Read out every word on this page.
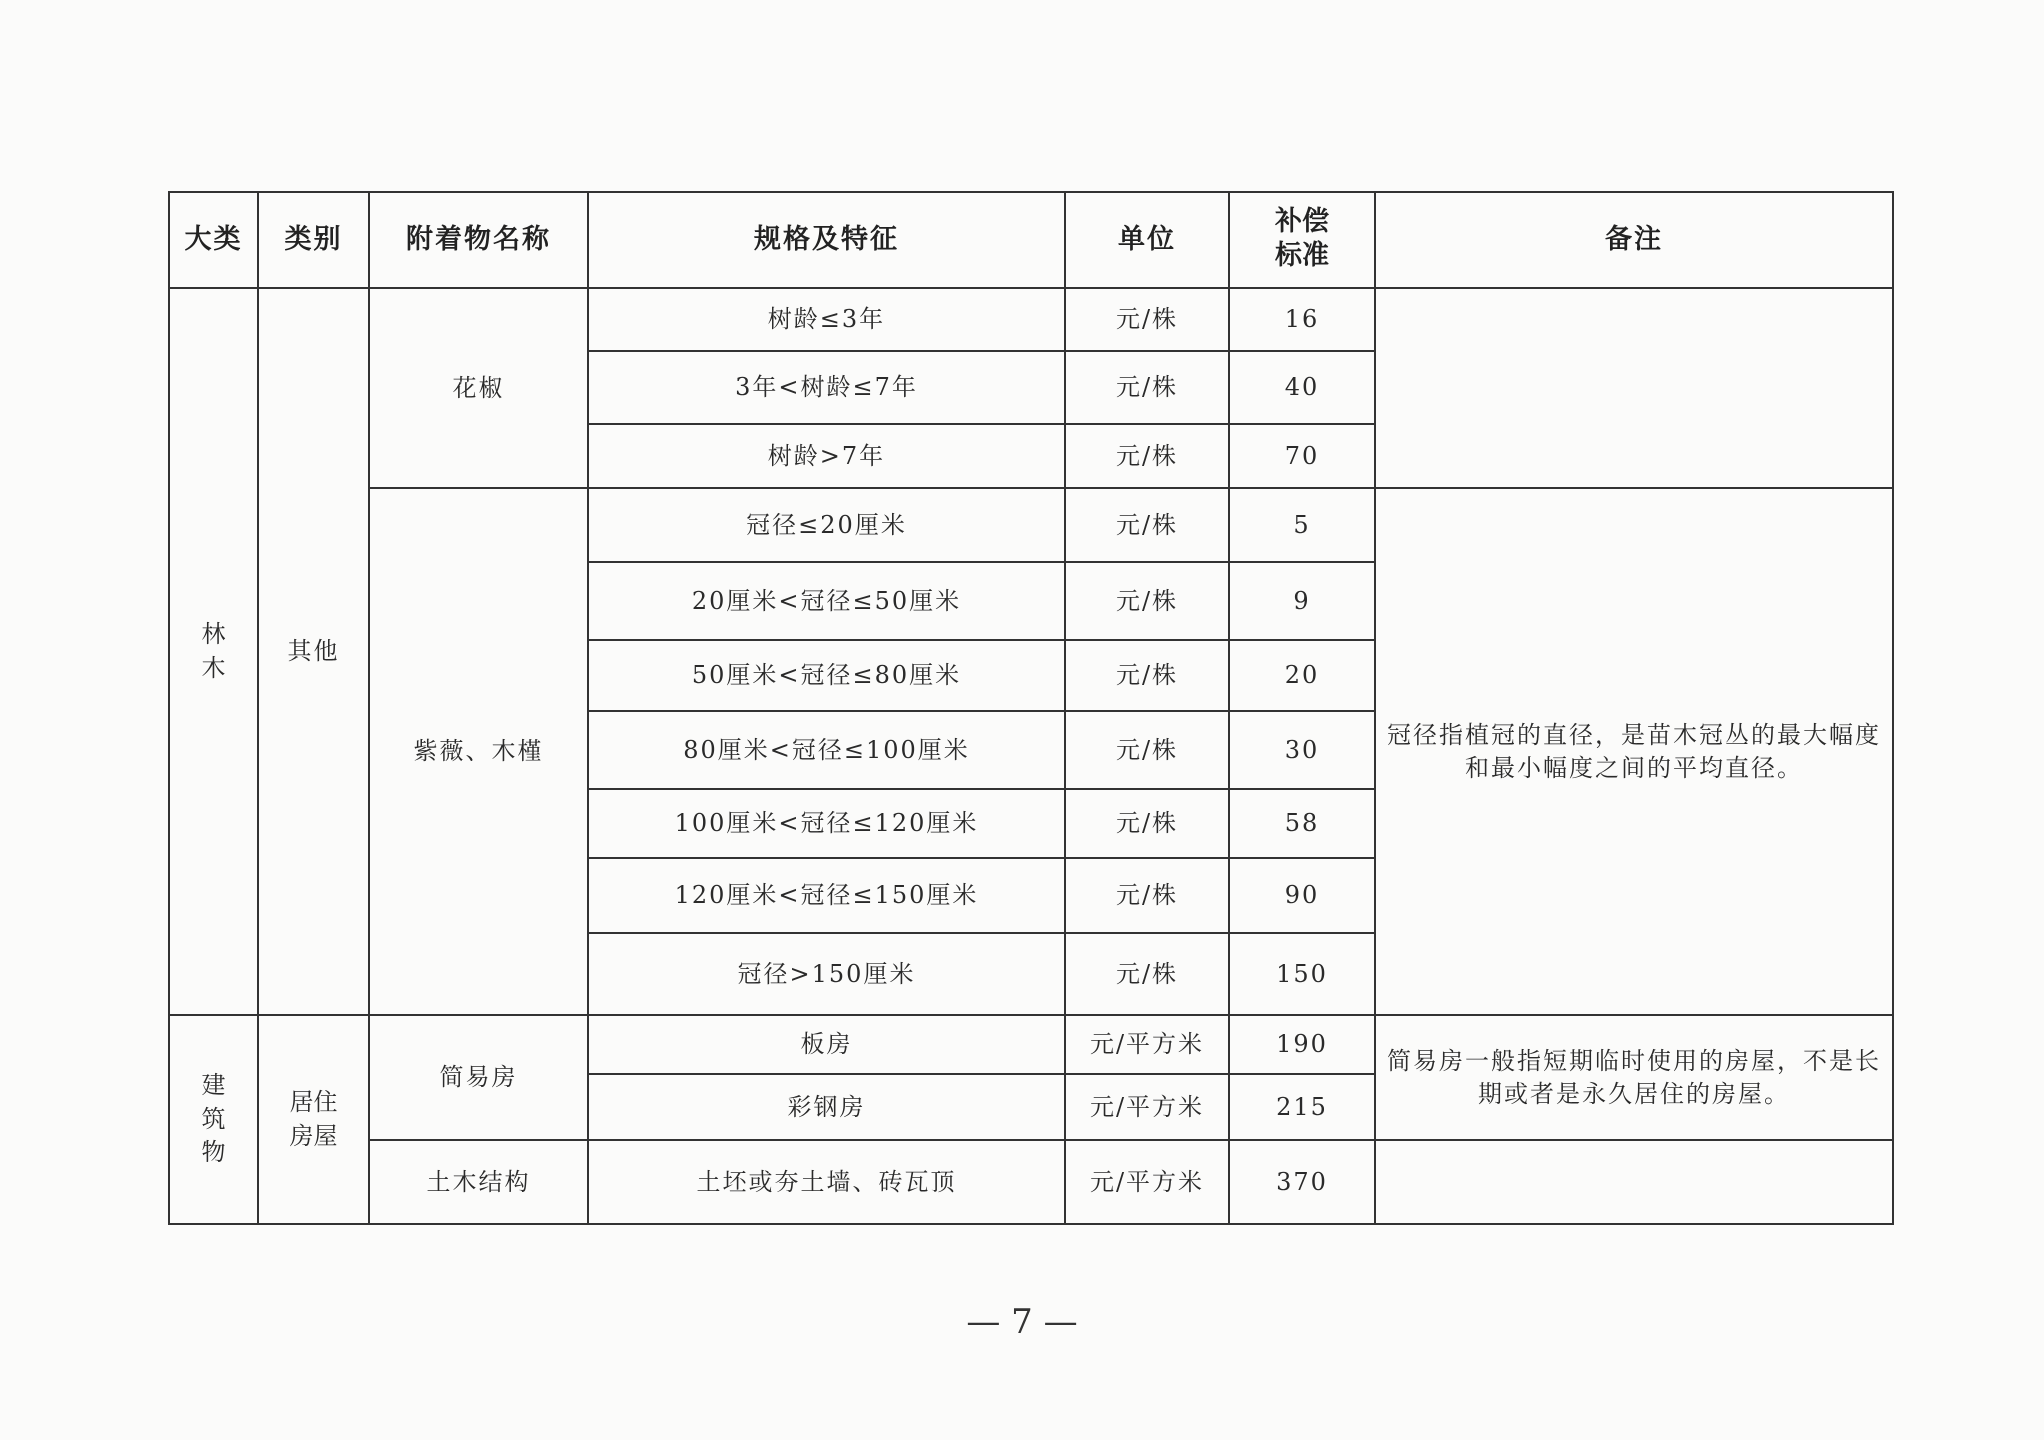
大类	类别	附着物名称	规格及特征	单位	补偿标准	备注
林木	其他	花椒	树龄≤3年	元/株	16	
			3年<树龄≤7年	元/株	40	
			树龄>7年	元/株	70	
		紫薇、木槿	冠径≤20厘米	元/株	5	冠径指植冠的直径，是苗木冠丛的最大幅度和最小幅度之间的平均直径。
			20厘米<冠径≤50厘米	元/株	9	
			50厘米<冠径≤80厘米	元/株	20	
			80厘米<冠径≤100厘米	元/株	30	
			100厘米<冠径≤120厘米	元/株	58	
			120厘米<冠径≤150厘米	元/株	90	
			冠径>150厘米	元/株	150	
建筑物	居住房屋	简易房	板房	元/平方米	190	简易房一般指短期临时使用的房屋，不是长期或者是永久居住的房屋。
			彩钢房	元/平方米	215	
		土木结构	土坯或夯土墙、砖瓦顶	元/平方米	370	
— 7 —
